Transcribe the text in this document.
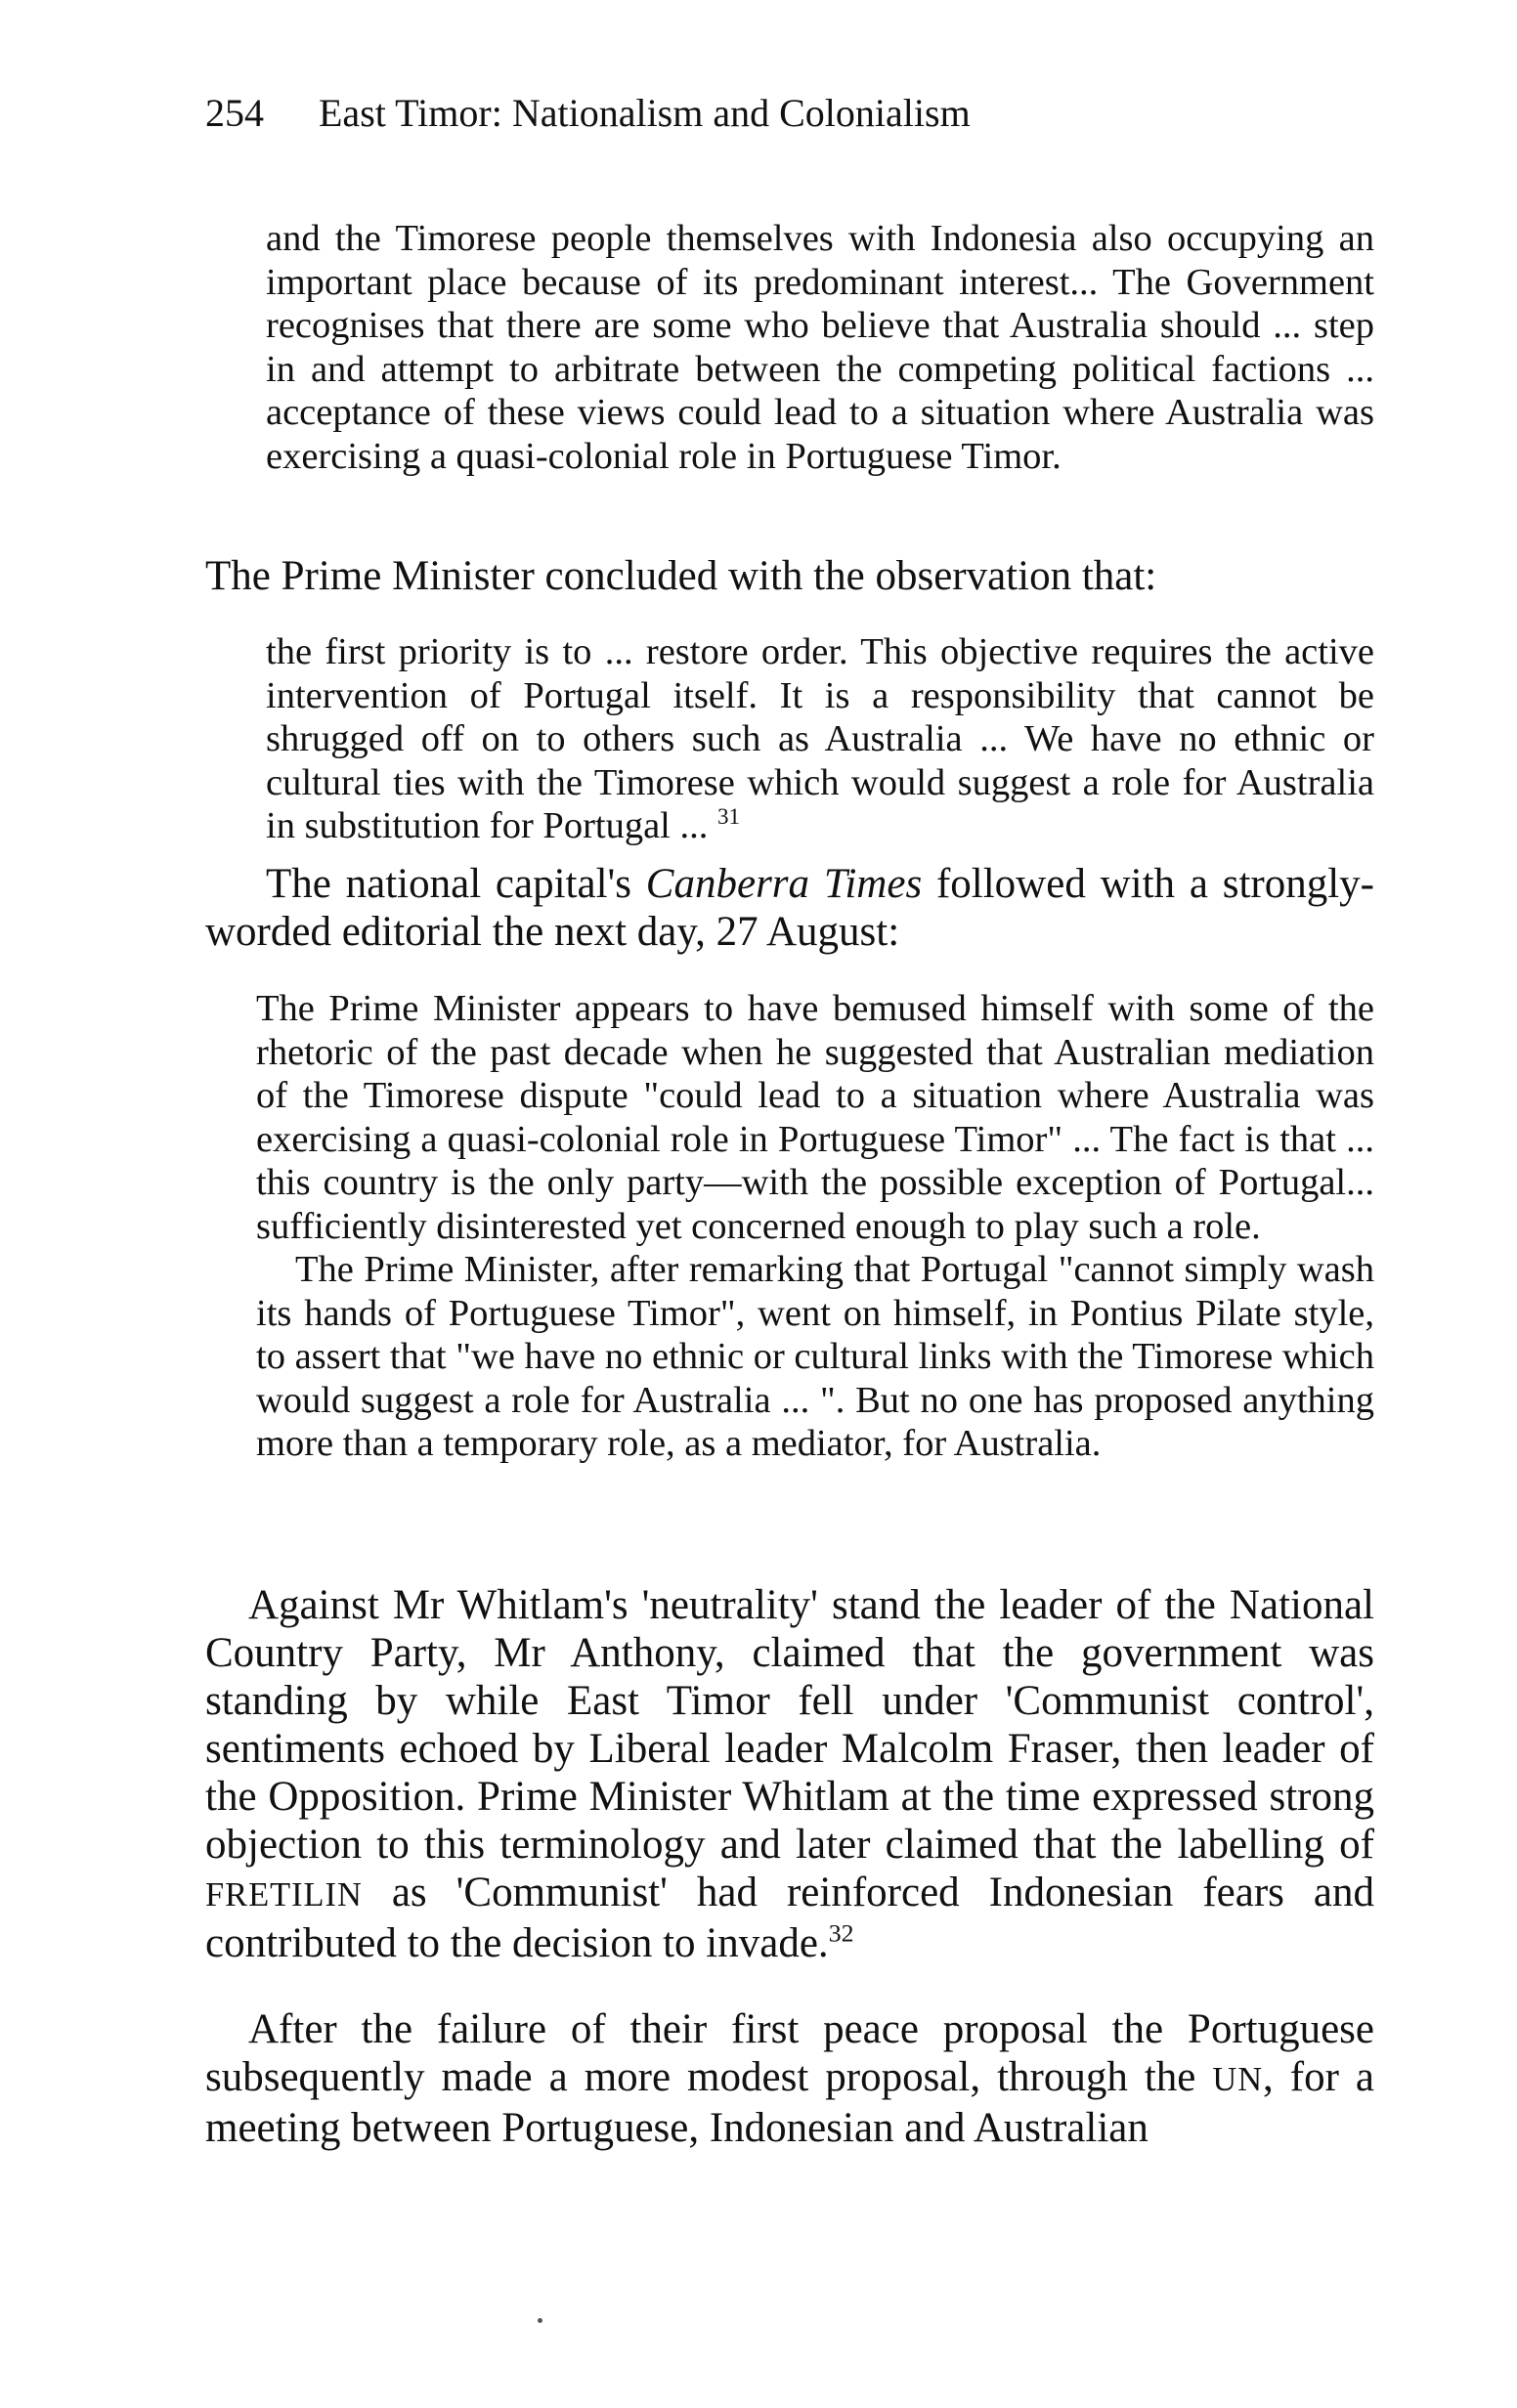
254 East Timor: Nationalism and Colonialism

and the Timorese people themselves with Indonesia also occupying an important place because of its predominant interest... The Government recognises that there are some who believe that Australia should ... step in and attempt to arbitrate between the competing political factions ... acceptance of these views could lead to a situation where Australia was exercising a quasi-colonial role in Portuguese Timor.

The Prime Minister concluded with the observation that:

the first priority is to ... restore order. This objective requires the active intervention of Portugal itself. It is a responsibility that cannot be shrugged off on to others such as Australia ... We have no ethnic or cultural ties with the Timorese which would suggest a role for Australia in substitution for Portugal ... $^{31}$

The national capital's Canberra Times followed with a strongly-worded editorial the next day, 27 August:

The Prime Minister appears to have bemused himself with some of the rhetoric of the past decade when he suggested that Australian mediation of the Timorese dispute "could lead to a situation where Australia was exercising a quasi-colonial role in Portuguese Timor" ... The fact is that ... this country is the only party—with the possible exception of Portugal... sufficiently disinterested yet concerned enough to play such a role.

The Prime Minister, after remarking that Portugal "cannot simply wash its hands of Portuguese Timor", went on himself, in Pontius Pilate style, to assert that "we have no ethnic or cultural links with the Timorese which would suggest a role for Australia ... ". But no one has proposed anything more than a temporary role, as a mediator, for Australia.

Against Mr Whitlam's 'neutrality' stand the leader of the National Country Party, Mr Anthony, claimed that the government was standing by while East Timor fell under 'Communist control', sentiments echoed by Liberal leader Malcolm Fraser, then leader of the Opposition. Prime Minister Whitlam at the time expressed strong objection to this terminology and later claimed that the labelling of FRETILIN as 'Communist' had reinforced Indonesian fears and contributed to the decision to invade.$^{32}$

After the failure of their first peace proposal the Portuguese subsequently made a more modest proposal, through the UN, for a meeting between Portuguese, Indonesian and Australian
